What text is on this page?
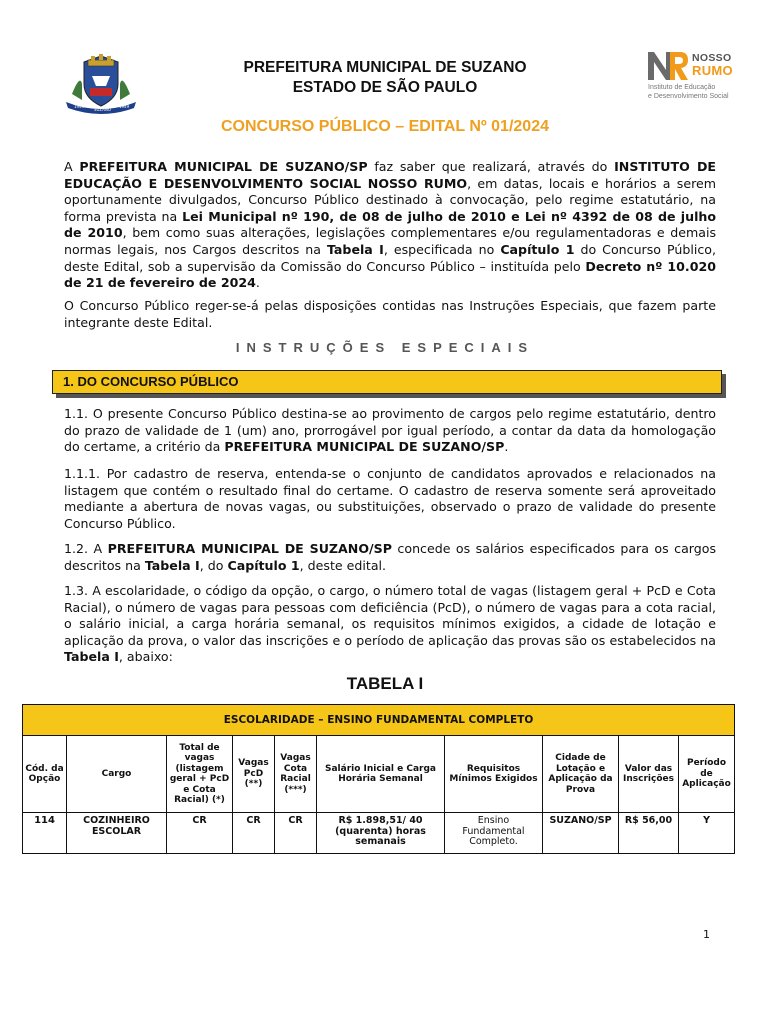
1949
SUZANO
1949
PREFEITURA MUNICIPAL DE SUZANO
ESTADO DE SÃO PAULO
NOSSO
RUMO
Instituto de Educação
e Desenvolvimento Social
CONCURSO PÚBLICO – EDITAL Nº 01/2024
A PREFEITURA MUNICIPAL DE SUZANO/SP faz saber que realizará, através do INSTITUTO DE EDUCAÇÃO E DESENVOLVIMENTO SOCIAL NOSSO RUMO, em datas, locais e horários a serem oportunamente divulgados, Concurso Público destinado à convocação, pelo regime estatutário, na forma prevista na Lei Municipal nº 190, de 08 de julho de 2010 e Lei nº 4392 de 08 de julho de 2010, bem como suas alterações, legislações complementares e/ou regulamentadoras e demais normas legais, nos Cargos descritos na Tabela I, especificada no Capítulo 1 do Concurso Público, deste Edital, sob a supervisão da Comissão do Concurso Público – instituída pelo Decreto nº 10.020 de 21 de fevereiro de 2024.
O Concurso Público reger-se-á pelas disposições contidas nas Instruções Especiais, que fazem parte integrante deste Edital.
INSTRUÇÕES ESPECIAIS
1. DO CONCURSO PÚBLICO
1.1. O presente Concurso Público destina-se ao provimento de cargos pelo regime estatutário, dentro do prazo de validade de 1 (um) ano, prorrogável por igual período, a contar da data da homologação do certame, a critério da PREFEITURA MUNICIPAL DE SUZANO/SP.
1.1.1. Por cadastro de reserva, entenda-se o conjunto de candidatos aprovados e relacionados na listagem que contém o resultado final do certame. O cadastro de reserva somente será aproveitado mediante a abertura de novas vagas, ou substituições, observado o prazo de validade do presente Concurso Público.
1.2. A PREFEITURA MUNICIPAL DE SUZANO/SP concede os salários especificados para os cargos descritos na Tabela I, do Capítulo 1, deste edital.
1.3. A escolaridade, o código da opção, o cargo, o número total de vagas (listagem geral + PcD e Cota Racial), o número de vagas para pessoas com deficiência (PcD), o número de vagas para a cota racial, o salário inicial, a carga horária semanal, os requisitos mínimos exigidos, a cidade de lotação e aplicação da prova, o valor das inscrições e o período de aplicação das provas são os estabelecidos na Tabela I, abaixo:
TABELA I
ESCOLARIDADE – ENSINO FUNDAMENTAL COMPLETO									
Cód. da Opção	Cargo	Total de vagas (listagem geral + PcD e Cota Racial) (*)	Vagas PcD (**)	Vagas Cota Racial (***)	Salário Inicial e Carga Horária Semanal	Requisitos Mínimos Exigidos	Cidade de Lotação e Aplicação da Prova	Valor das Inscrições	Período de Aplicação
114	COZINHEIRO ESCOLAR	CR	CR	CR	R$ 1.898,51/ 40 (quarenta) horas semanais	Ensino Fundamental Completo.	SUZANO/SP	R$ 56,00	Y
1
